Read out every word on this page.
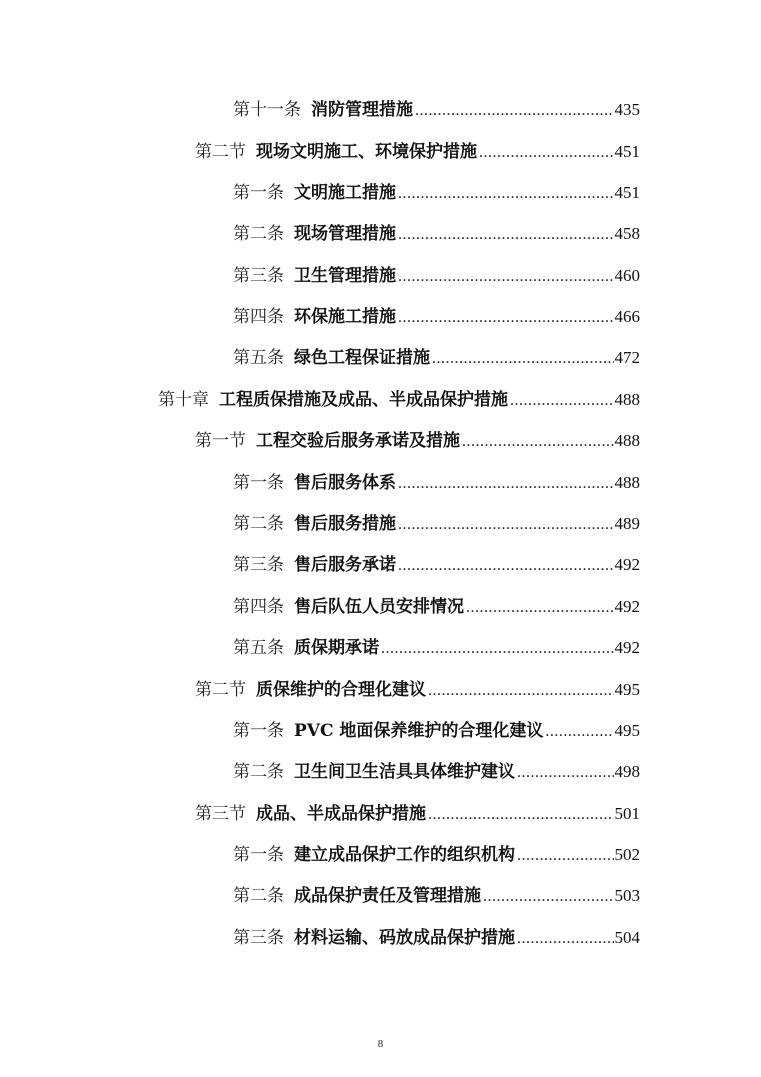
第十一条 消防管理措施 .....	435
第二节 现场文明施工、环境保护措施 .....	451
第一条 文明施工措施 .....	451
第二条 现场管理措施 .....	458
第三条 卫生管理措施 .....	460
第四条 环保施工措施 .....	466
第五条 绿色工程保证措施 .....	472
第十章 工程质保措施及成品、半成品保护措施 .....	488
第一节 工程交验后服务承诺及措施 .....	488
第一条 售后服务体系 .....	488
第二条 售后服务措施 .....	489
第三条 售后服务承诺 .....	492
第四条 售后队伍人员安排情况 .....	492
第五条 质保期承诺 .....	492
第二节 质保维护的合理化建议 .....	495
第一条 PVC 地面保养维护的合理化建议 .....	495
第二条 卫生间卫生洁具具体维护建议 .....	498
第三节 成品、半成品保护措施 .....	501
第一条 建立成品保护工作的组织机构 .....	502
第二条 成品保护责任及管理措施 .....	503
第三条 材料运输、码放成品保护措施 .....	504
8
